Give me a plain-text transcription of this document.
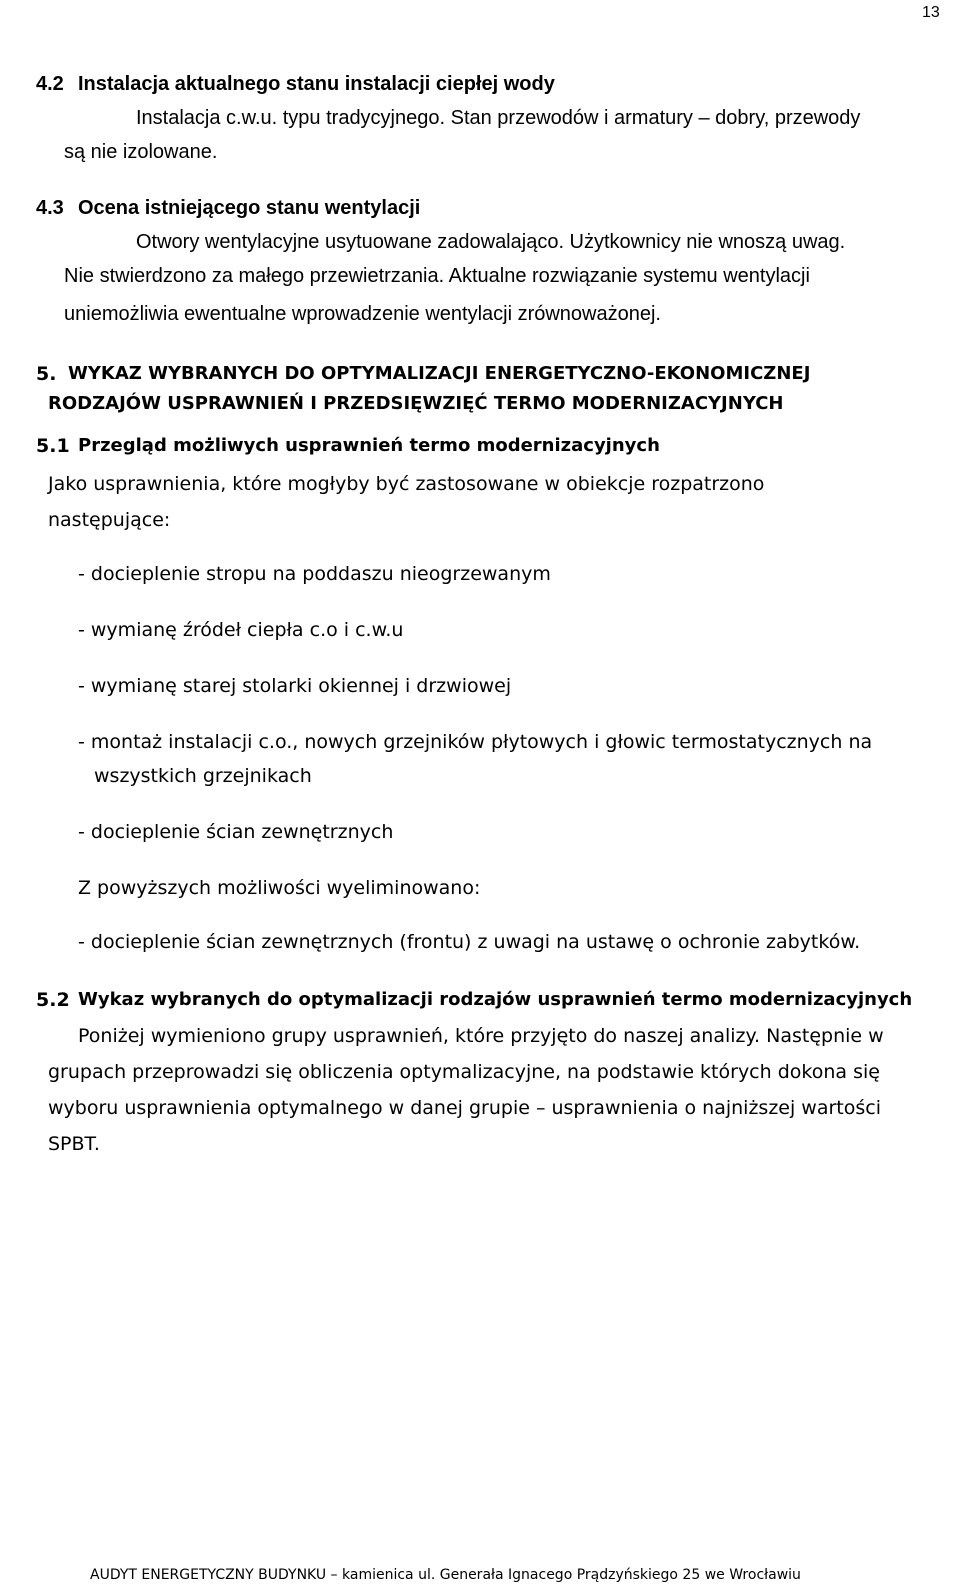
13
4.2 Instalacja aktualnego stanu instalacji ciepłej wody
Instalacja c.w.u. typu tradycyjnego. Stan przewodów i armatury – dobry, przewody
są nie izolowane.
4.3 Ocena istniejącego stanu wentylacji
Otwory wentylacyjne usytuowane zadowalająco. Użytkownicy nie wnoszą uwag.
Nie stwierdzono za małego przewietrzania. Aktualne rozwiązanie systemu wentylacji
uniemożliwia ewentualne wprowadzenie wentylacji zrównoważonej.
5. WYKAZ WYBRANYCH DO OPTYMALIZACJI ENERGETYCZNO-EKONOMICZNEJ
RODZAJÓW USPRAWNIEŃ I PRZEDSIĘWZIĘĆ TERMO MODERNIZACYJNYCH
5.1 Przegląd możliwych usprawnień termo modernizacyjnych
Jako usprawnienia, które mogłyby być zastosowane w obiekcje rozpatrzono
następujące:
- docieplenie stropu na poddaszu nieogrzewanym
- wymianę źródeł ciepła c.o i c.w.u
- wymianę starej stolarki okiennej i drzwiowej
- montaż instalacji c.o., nowych grzejników płytowych i głowic termostatycznych na
wszystkich grzejnikach
- docieplenie ścian zewnętrznych
Z powyższych możliwości wyeliminowano:
- docieplenie ścian zewnętrznych (frontu) z uwagi na ustawę o ochronie zabytków.
5.2 Wykaz wybranych do optymalizacji rodzajów usprawnień termo modernizacyjnych
Poniżej wymieniono grupy usprawnień, które przyjęto do naszej analizy. Następnie w
grupach przeprowadzi się obliczenia optymalizacyjne, na podstawie których dokona się
wyboru usprawnienia optymalnego w danej grupie – usprawnienia o najniższej wartości
SPBT.
AUDYT ENERGETYCZNY BUDYNKU – kamienica ul. Generała Ignacego Prądzyńskiego 25 we Wrocławiu
